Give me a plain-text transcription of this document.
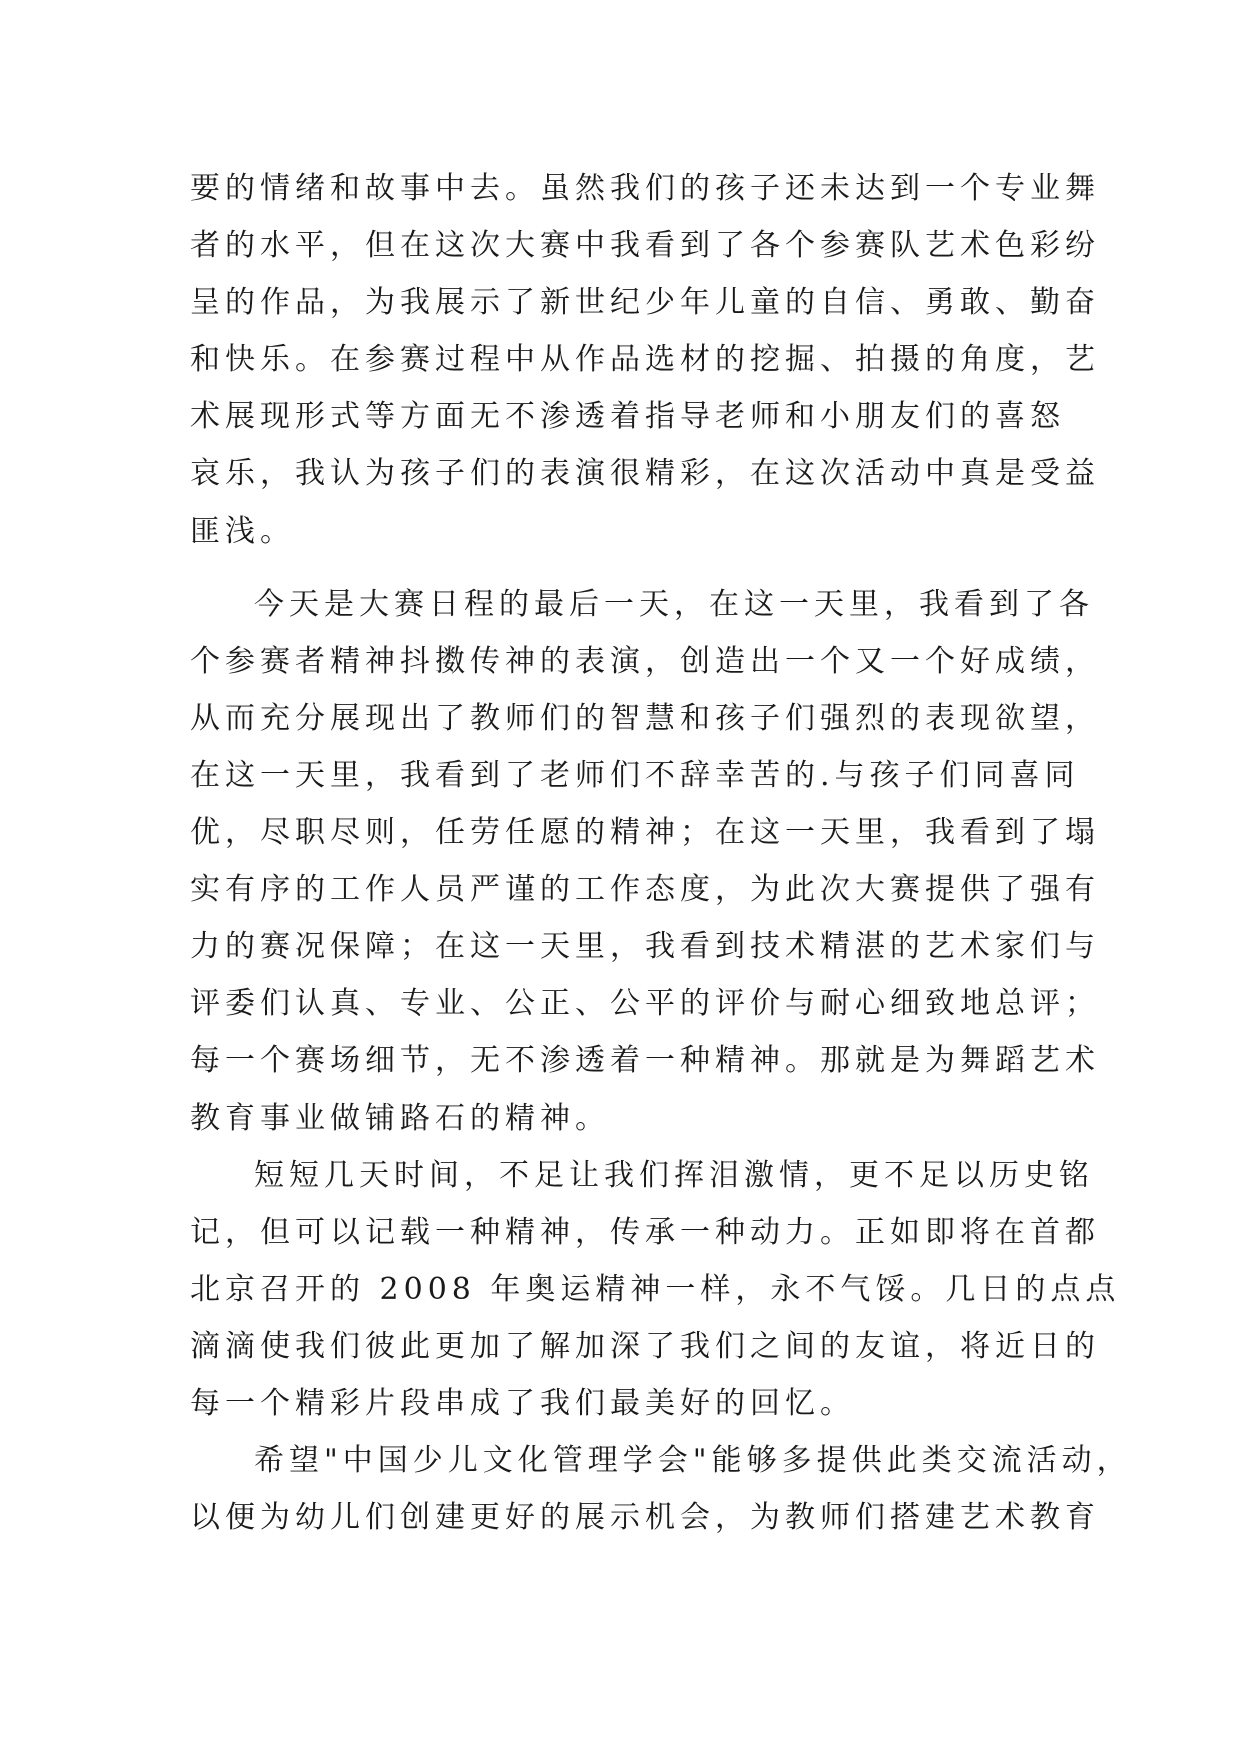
要的情绪和故事中去。虽然我们的孩子还未达到一个专业舞
者的水平，但在这次大赛中我看到了各个参赛队艺术色彩纷
呈的作品，为我展示了新世纪少年儿童的自信、勇敢、勤奋
和快乐。在参赛过程中从作品选材的挖掘、拍摄的角度，艺
术展现形式等方面无不渗透着指导老师和小朋友们的喜怒
哀乐，我认为孩子们的表演很精彩，在这次活动中真是受益
匪浅。
今天是大赛日程的最后一天，在这一天里，我看到了各
个参赛者精神抖擞传神的表演，创造出一个又一个好成绩，
从而充分展现出了教师们的智慧和孩子们强烈的表现欲望，
在这一天里，我看到了老师们不辞幸苦的.与孩子们同喜同
优，尽职尽则，任劳任愿的精神；在这一天里，我看到了塌
实有序的工作人员严谨的工作态度，为此次大赛提供了强有
力的赛况保障；在这一天里，我看到技术精湛的艺术家们与
评委们认真、专业、公正、公平的评价与耐心细致地总评；
每一个赛场细节，无不渗透着一种精神。那就是为舞蹈艺术
教育事业做铺路石的精神。
短短几天时间，不足让我们挥泪激情，更不足以历史铭
记，但可以记载一种精神，传承一种动力。正如即将在首都
北京召开的 2008 年奥运精神一样，永不气馁。几日的点点
滴滴使我们彼此更加了解加深了我们之间的友谊，将近日的
每一个精彩片段串成了我们最美好的回忆。
希望"中国少儿文化管理学会"能够多提供此类交流活动，
以便为幼儿们创建更好的展示机会，为教师们搭建艺术教育
